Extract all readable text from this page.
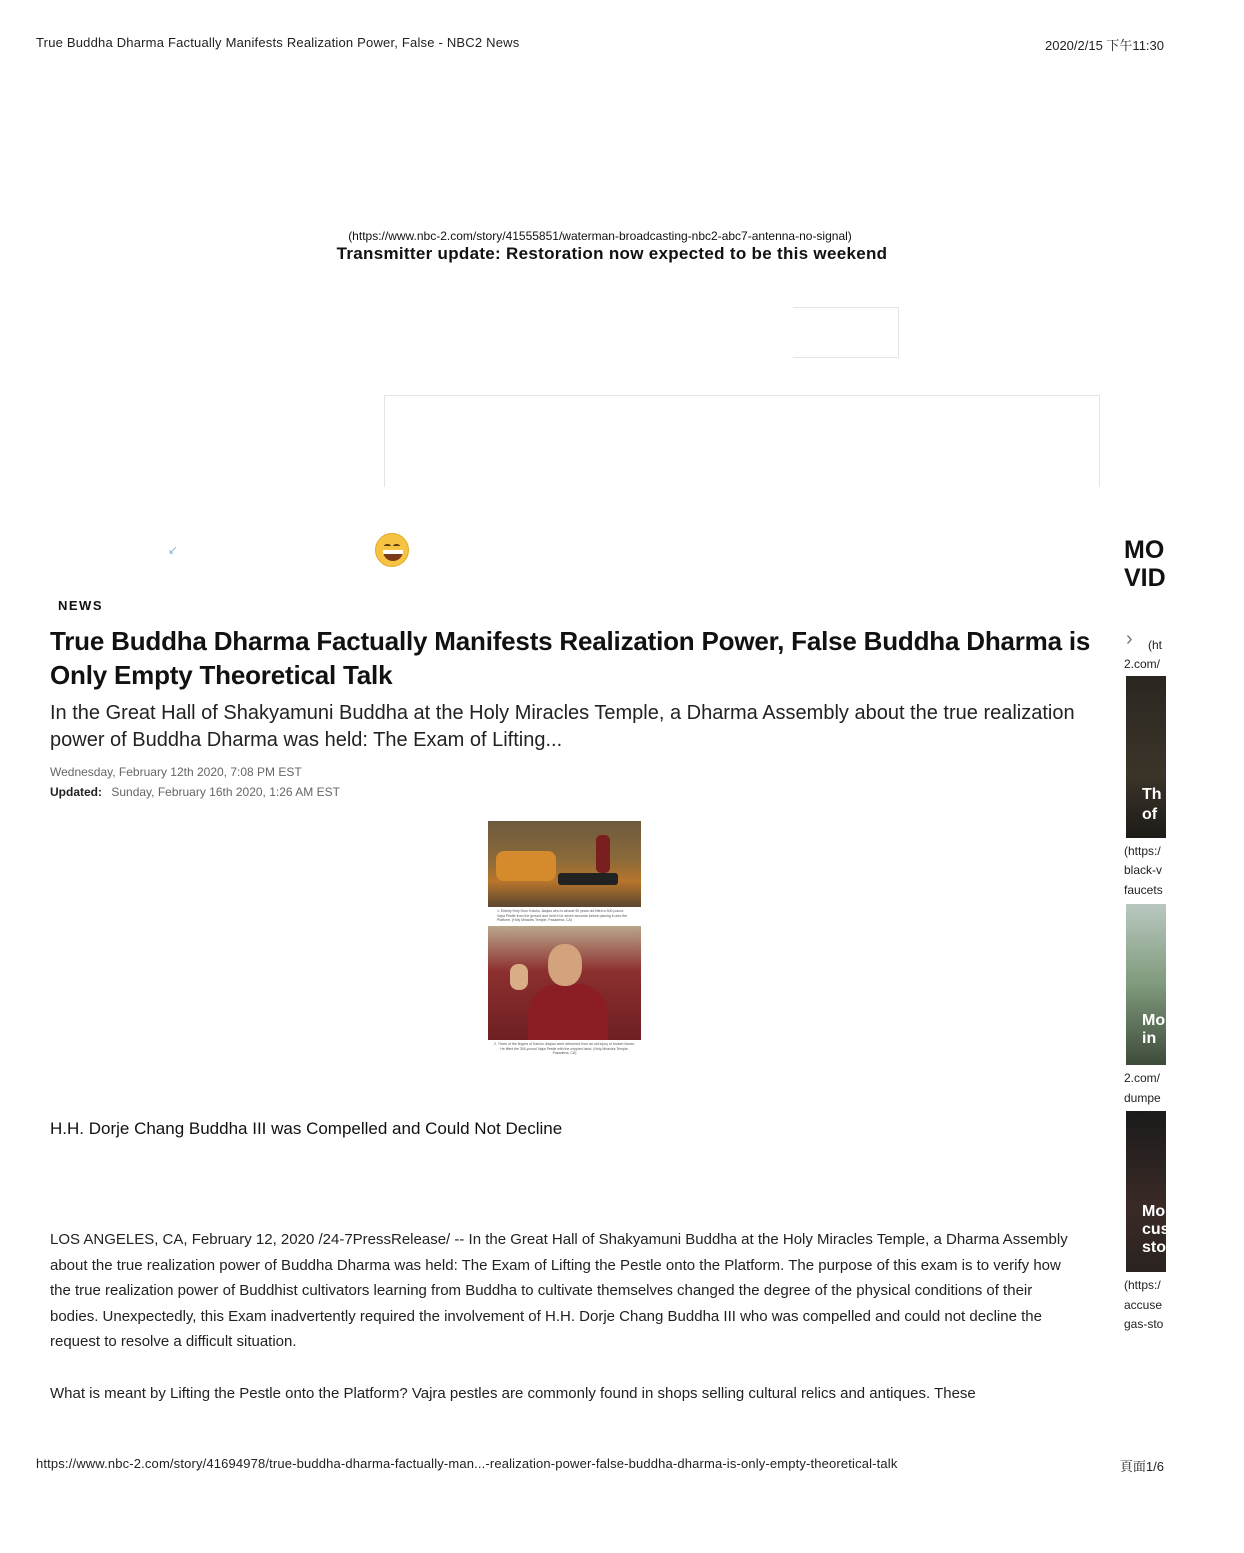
True Buddha Dharma Factually Manifests Realization Power, False - NBC2 News	2020/2/15 下午11:30
(https://www.nbc-2.com/story/41555851/waterman-broadcasting-nbc2-abc7-antenna-no-signal)
Transmitter update: Restoration now expected to be this weekend
↙
NEWS
True Buddha Dharma Factually Manifests Realization Power, False Buddha Dharma is Only Empty Theoretical Talk
In the Great Hall of Shakyamuni Buddha at the Holy Miracles Temple, a Dharma Assembly about the true realization power of Buddha Dharma was held: The Exam of Lifting...
Wednesday, February 12th 2020, 7:08 PM EST
Updated: Sunday, February 16th 2020, 1:26 AM EST
1. Elderly Holy Guru Kaichu Jiaqiao who is almost 90 years old lifted a 300-pound Vajra Pestle from the ground and held it for seven seconds before placing it onto the Platform. (Holy Miracles Temple, Pasadena, CA)
2. Three of the fingers of Kaichu Jiaqiao were deformed from an old injury of broken bones. He lifted the 300-pound Vajra Pestle with the crippled hand. (Holy Miracles Temple, Pasadena, CA)
H.H. Dorje Chang Buddha III was Compelled and Could Not Decline

LOS ANGELES, CA, February 12, 2020 /24-7PressRelease/ -- In the Great Hall of Shakyamuni Buddha at the Holy Miracles Temple, a Dharma Assembly about the true realization power of Buddha Dharma was held: The Exam of Lifting the Pestle onto the Platform. The purpose of this exam is to verify how the true realization power of Buddhist cultivators learning from Buddha to cultivate themselves changed the degree of the physical conditions of their bodies. Unexpectedly, this Exam inadvertently required the involvement of H.H. Dorje Chang Buddha III who was compelled and could not decline the request to resolve a difficult situation.

What is meant by Lifting the Pestle onto the Platform? Vajra pestles are commonly found in shops selling cultural relics and antiques. These

MO
VID
› (ht
2.com/
Th
of
(https:/
black-v
faucets
Mo
in
2.com/
dumpe
Mo
cus
sto
(https:/
accuse
gas-sto
https://www.nbc-2.com/story/41694978/true-buddha-dharma-factually-man...-realization-power-false-buddha-dharma-is-only-empty-theoretical-talk	頁面1/6
